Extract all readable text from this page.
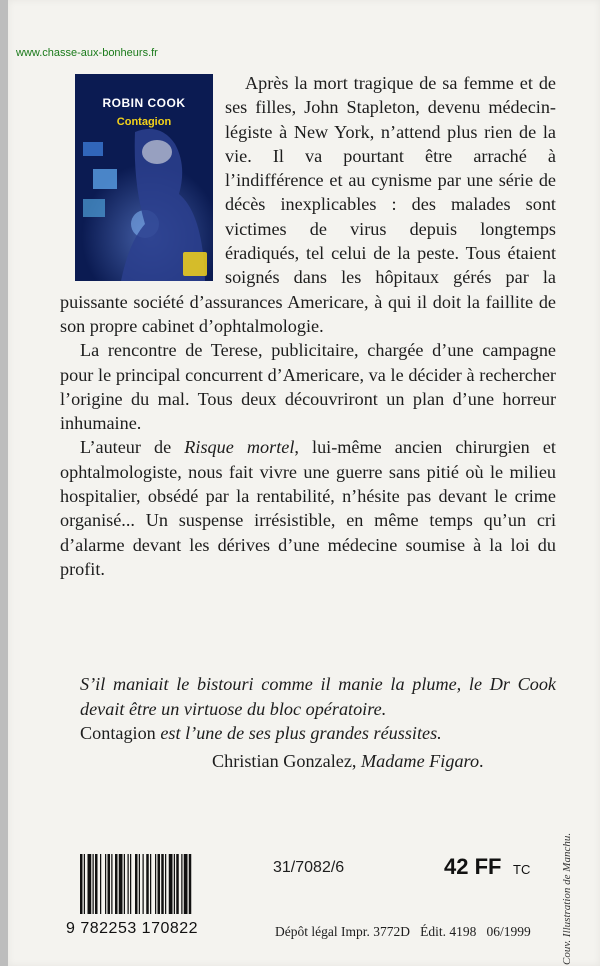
www.chasse-aux-bonheurs.fr
ROBIN COOK
Contagion

Après la mort tragique de sa femme et de ses filles, John Stapleton, devenu médecin-légiste à New York, n’attend plus rien de la vie. Il va pourtant être arraché à l’indifférence et au cynisme par une série de décès inexplicables : des malades sont victimes de virus depuis longtemps éradiqués, tel celui de la peste. Tous étaient soignés dans les hôpitaux gérés par la puissante société d’assurances Americare, à qui il doit la faillite de son propre cabinet d’ophtalmologie.

La rencontre de Terese, publicitaire, chargée d’une campagne pour le principal concurrent d’Americare, va le décider à rechercher l’origine du mal. Tous deux découvriront un plan d’une horreur inhumaine.

L’auteur de Risque mortel, lui-même ancien chirurgien et ophtalmologiste, nous fait vivre une guerre sans pitié où le milieu hospitalier, obsédé par la rentabilité, n’hésite pas devant le crime organisé... Un suspense irrésistible, en même temps qu’un cri d’alarme devant les dérives d’une médecine soumise à la loi du profit.

S’il maniait le bistouri comme il manie la plume, le Dr Cook devait être un virtuose du bloc opératoire.

Contagion est l’une de ses plus grandes réussites.

Christian Gonzalez, Madame Figaro.

9 782253 170822
31/7082/6	42 FF TC
Dépôt légal Impr. 3772D   Édit. 4198   06/1999	Couv. Illustration de Manchu.
